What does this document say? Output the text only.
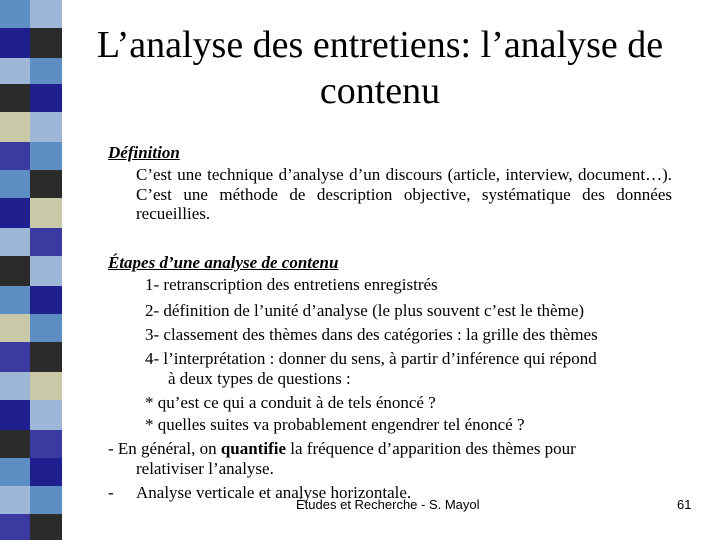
L’analyse des entretiens: l’analyse de
contenu
Définition
C’est une technique d’analyse d’un discours (article, interview, document…). C’est une méthode de description objective, systématique des données recueillies.
Étapes d’une analyse de contenu
1- retranscription des entretiens enregistrés
2- définition de l’unité d’analyse (le plus souvent c’est le thème)
3- classement des thèmes dans des catégories : la grille des thèmes
4- l’interprétation : donner du sens, à partir d’inférence qui répond
à deux types de questions :
* qu’est ce qui a conduit à de tels énoncé ?
* quelles suites va probablement engendrer tel énoncé ?
- En général, on quantifie la fréquence d’apparition des thèmes pour
relativiser l’analyse.
- Analyse verticale et analyse horizontale.
Études et Recherche - S. Mayol	61
